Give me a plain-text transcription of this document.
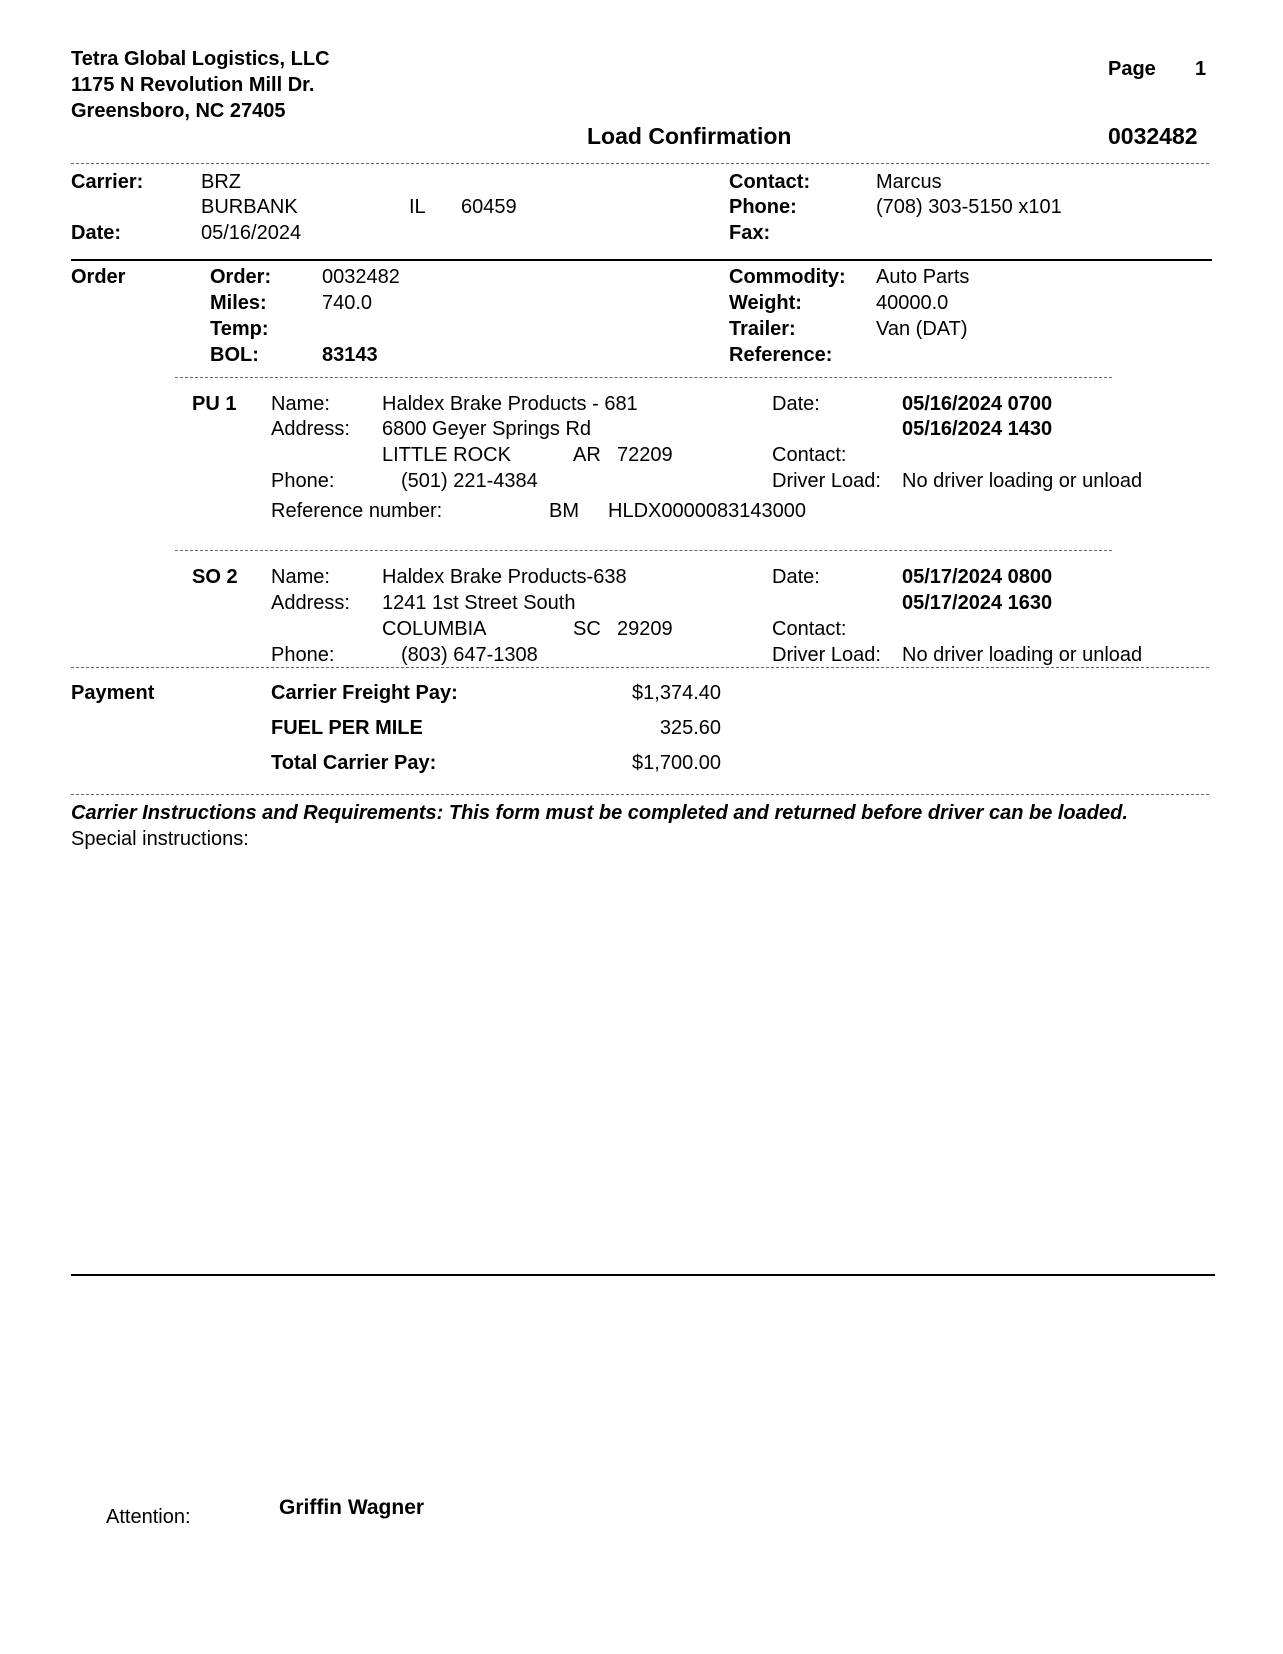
Tetra Global Logistics, LLC
1175 N Revolution Mill Dr.
Greensboro, NC 27405
Page 1
Load Confirmation	0032482
Carrier:	BRZ
BURBANK	IL 60459
Date:	05/16/2024
Contact:	Marcus
Phone:	(708) 303-5150 x101
Fax:
Order	Order:	0032482
Miles:	740.0
Temp:
BOL:	83143
Commodity: Auto Parts
Weight:	40000.0
Trailer:	Van (DAT)
Reference:
PU 1 Name:	Haldex Brake Products - 681
Address: 6800 Geyer Springs Rd
LITTLE ROCK	AR 72209
Phone:	(501) 221-4384
Reference number:	BM HLDX0000083143000
Date:	05/16/2024 0700
05/16/2024 1430
Contact:
Driver Load: No driver loading or unload
SO 2 Name:	Haldex Brake Products-638
Address: 1241 1st Street South
COLUMBIA	SC 29209
Phone:	(803) 647-1308
Date:	05/17/2024 0800
05/17/2024 1630
Contact:
Driver Load: No driver loading or unload
Payment	Carrier Freight Pay:	$1,374.40
FUEL PER MILE	325.60
Total Carrier Pay:	$1,700.00
Carrier Instructions and Requirements: This form must be completed and returned before driver can be loaded.
Special instructions:
Attention:	Griffin Wagner
